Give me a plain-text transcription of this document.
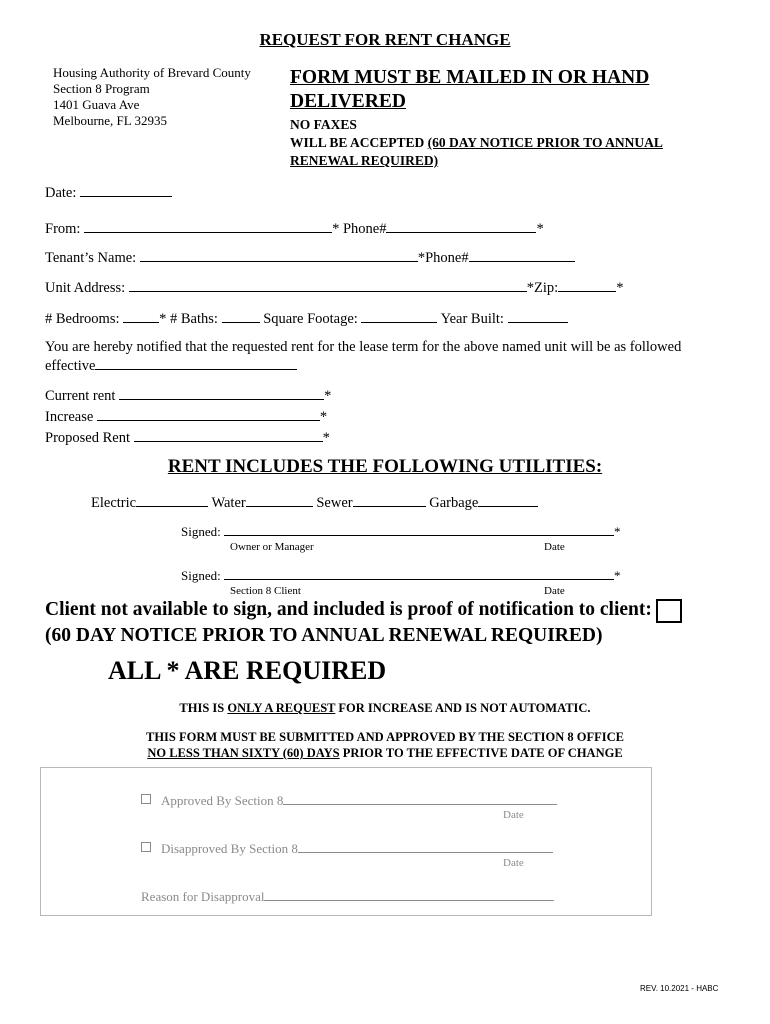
REQUEST FOR RENT CHANGE
Housing Authority of Brevard County
Section 8 Program
1401 Guava Ave
Melbourne, FL 32935
FORM MUST BE MAILED IN OR HAND DELIVERED
NO FAXES
WILL BE ACCEPTED (60 DAY NOTICE PRIOR TO ANNUAL RENEWAL REQUIRED)
Date:
From:	* Phone#	*
Tenant’s Name:	*Phone#
Unit Address:	*Zip:	*
# Bedrooms:	* # Baths:	Square Footage:	Year Built:
You are hereby notified that the requested rent for the lease term for the above named unit will be as followed
effective
Current rent	*
Increase	*
Proposed Rent	*
RENT INCLUDES THE FOLLOWING UTILITIES:
Electric	Water	Sewer	Garbage
Signed:	*
Owner or Manager	Date
Signed:	*
Section 8 Client	Date
Client not available to sign, and included is proof of notification to client:
(60 DAY NOTICE PRIOR TO ANNUAL RENEWAL REQUIRED)
ALL * ARE REQUIRED
THIS IS ONLY A REQUEST FOR INCREASE AND IS NOT AUTOMATIC.
THIS FORM MUST BE SUBMITTED AND APPROVED BY THE SECTION 8 OFFICE
NO LESS THAN SIXTY (60) DAYS PRIOR TO THE EFFECTIVE DATE OF CHANGE
Approved By Section 8
Date
Disapproved By Section 8
Date
Reason for Disapproval
REV. 10.2021 - HABC
